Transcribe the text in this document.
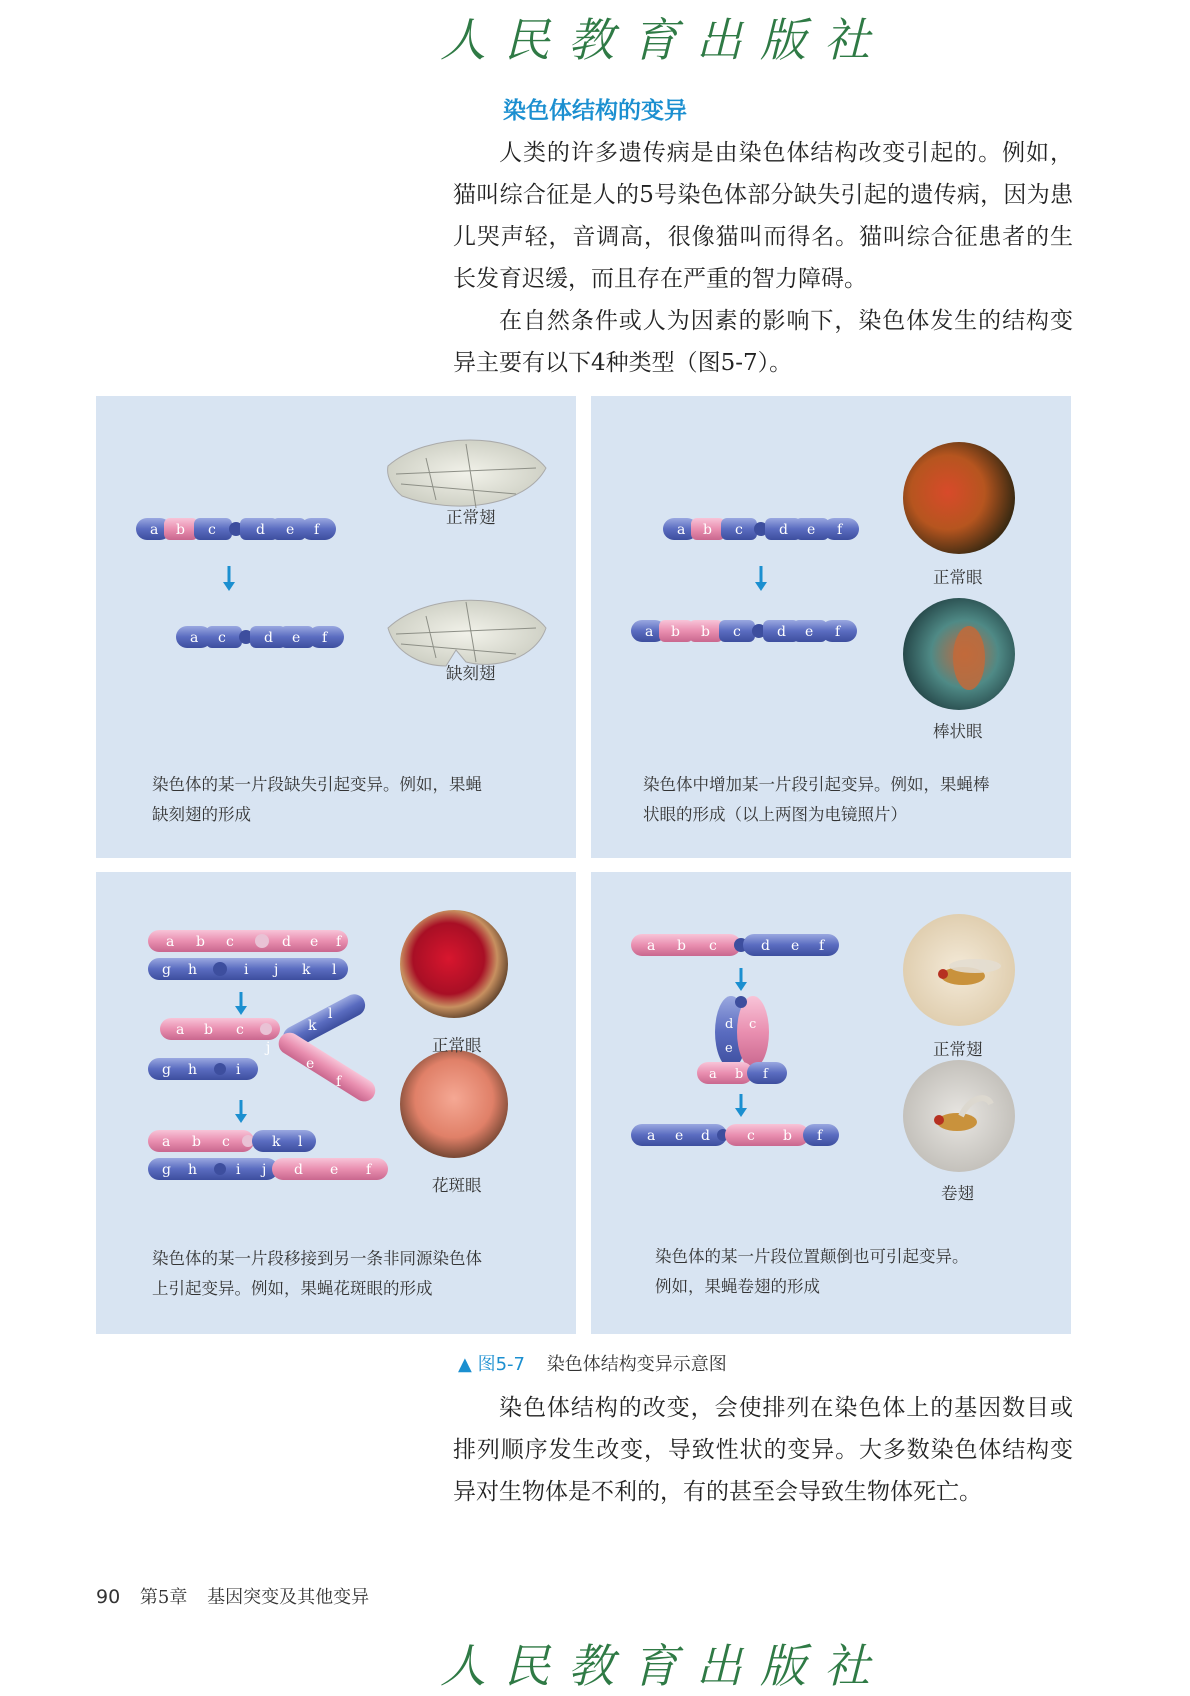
人民教育出版社
染色体结构的变异

人类的许多遗传病是由染色体结构改变引起的。例如，猫叫综合征是人的5号染色体部分缺失引起的遗传病，因为患儿哭声轻，音调高，很像猫叫而得名。猫叫综合征患者的生长发育迟缓，而且存在严重的智力障碍。

在自然条件或人为因素的影响下，染色体发生的结构变异主要有以下4种类型（图5-7）。

a b c	d e f
a c	d e f
正常翅
缺刻翅
染色体的某一片段缺失引起变异。例如，果蝇
缺刻翅的形成
a b c	d e f
a b b c	d e f
正常眼
棒状眼
染色体中增加某一片段引起变异。例如，果蝇棒
状眼的形成（以上两图为电镜照片）
a b c	d e f
g h	i j k l
a b c
g h	i
j
k
l
e
f
a b c	k l
g h	i j d e f
正常眼
花斑眼
染色体的某一片段移接到另一条非同源染色体
上引起变异。例如，果蝇花斑眼的形成
a b c	d e f
d c
e
a b f
a e d	c b f
正常翅
卷翅
染色体的某一片段位置颠倒也可引起变异。
例如，果蝇卷翅的形成
▲ 图5-7 染色体结构变异示意图

染色体结构的改变，会使排列在染色体上的基因数目或排列顺序发生改变，导致性状的变异。大多数染色体结构变异对生物体是不利的，有的甚至会导致生物体死亡。

90 第5章 基因突变及其他变异
人民教育出版社
